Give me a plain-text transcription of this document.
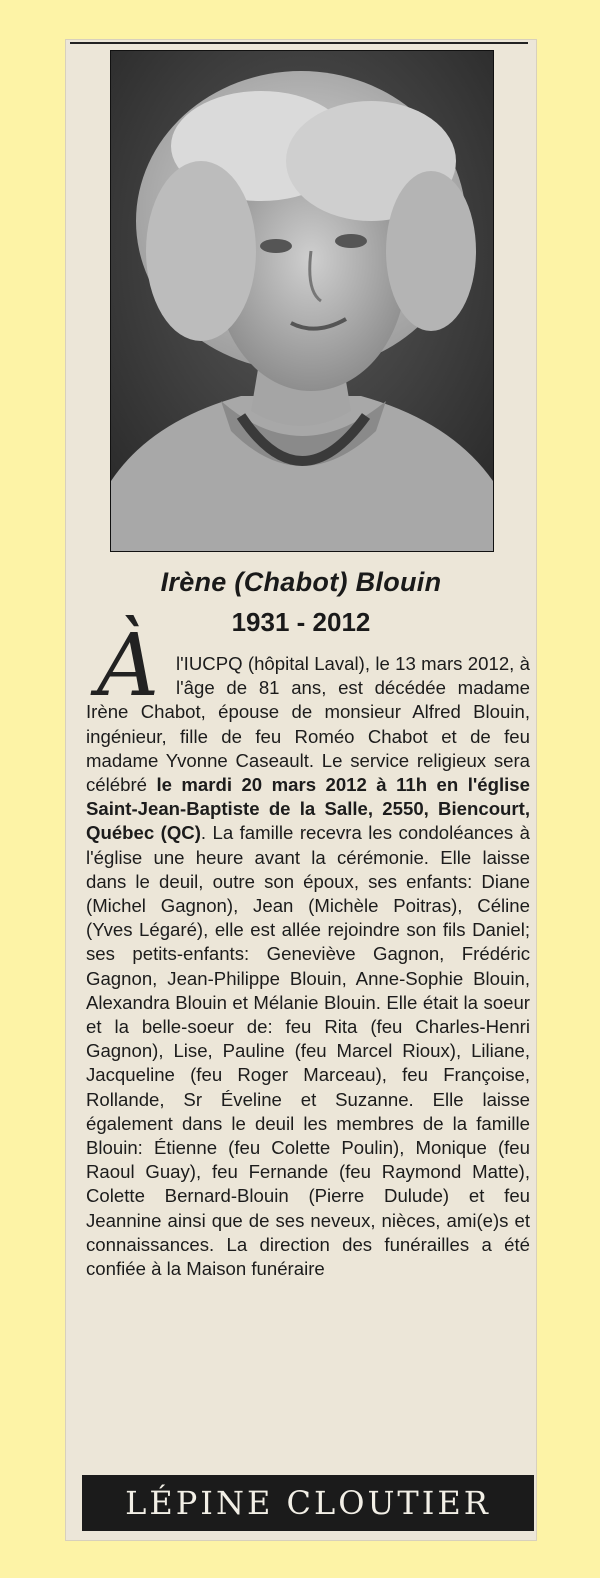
Irène (Chabot) Blouin
1931 - 2012
À l'IUCPQ (hôpital Laval), le 13 mars 2012, à l'âge de 81 ans, est décédée madame Irène Chabot, épouse de monsieur Alfred Blouin, ingénieur, fille de feu Roméo Chabot et de feu madame Yvonne Caseault. Le service religieux sera célébré le mardi 20 mars 2012 à 11h en l'église Saint-Jean-Baptiste de la Salle, 2550, Biencourt, Québec (QC). La famille recevra les condoléances à l'église une heure avant la cérémonie. Elle laisse dans le deuil, outre son époux, ses enfants: Diane (Michel Gagnon), Jean (Michèle Poitras), Céline (Yves Légaré), elle est allée rejoindre son fils Daniel; ses petits-enfants: Geneviève Gagnon, Frédéric Gagnon, Jean-Philippe Blouin, Anne-Sophie Blouin, Alexandra Blouin et Mélanie Blouin. Elle était la soeur et la belle-soeur de: feu Rita (feu Charles-Henri Gagnon), Lise, Pauline (feu Marcel Rioux), Liliane, Jacqueline (feu Roger Marceau), feu Françoise, Rollande, Sr Éveline et Suzanne. Elle laisse également dans le deuil les membres de la famille Blouin: Étienne (feu Colette Poulin), Monique (feu Raoul Guay), feu Fernande (feu Raymond Matte), Colette Bernard-Blouin (Pierre Dulude) et feu Jeannine ainsi que de ses neveux, nièces, ami(e)s et connaissances. La direction des funérailles a été confiée à la Maison funéraire
LÉPINE CLOUTIER
